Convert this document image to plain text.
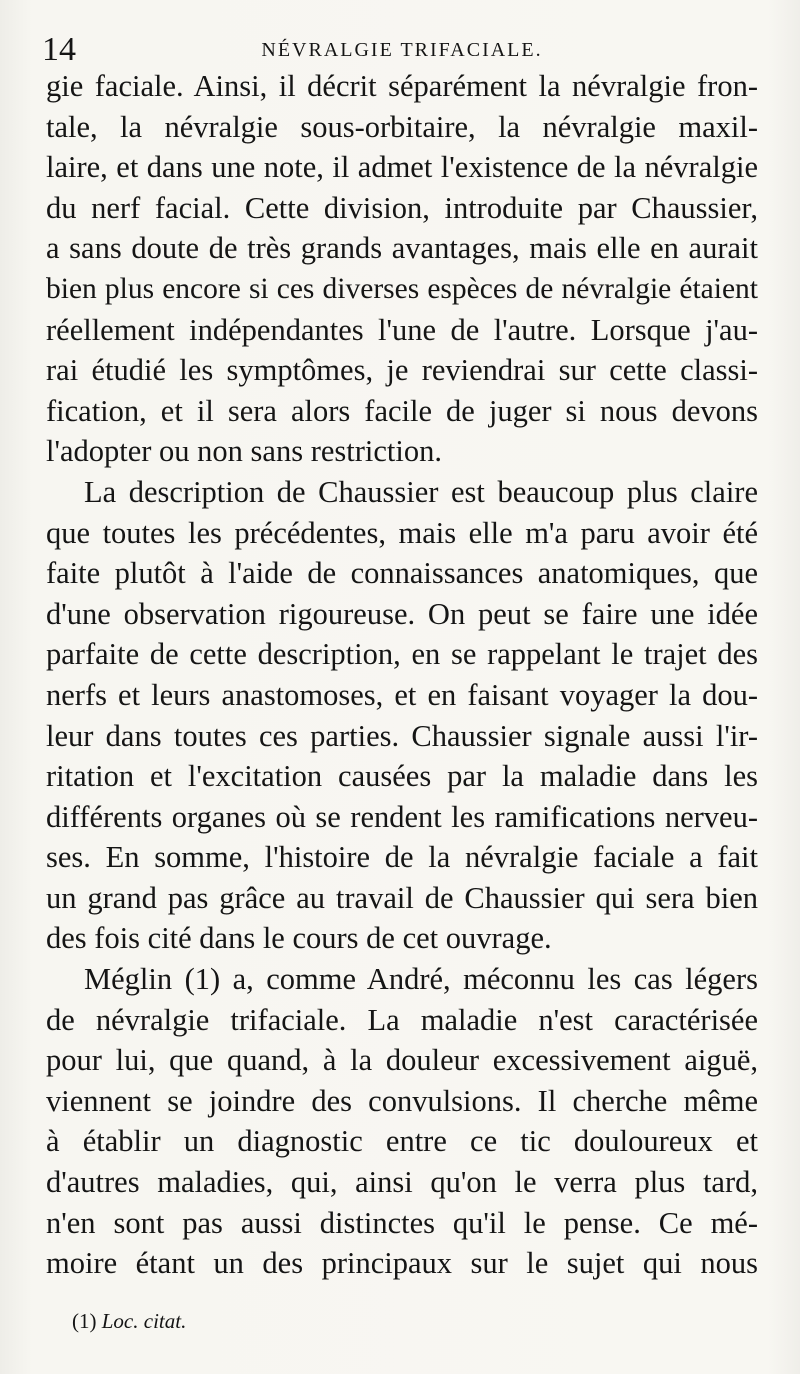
14	NÉVRALGIE TRIFACIALE.
gie faciale. Ainsi, il décrit séparément la névralgie fron-
tale, la névralgie sous-orbitaire, la névralgie maxil-
laire, et dans une note, il admet l'existence de la névralgie
du nerf facial. Cette division, introduite par Chaussier,
a sans doute de très grands avantages, mais elle en aurait
bien plus encore si ces diverses espèces de névralgie étaient
réellement indépendantes l'une de l'autre. Lorsque j'au-
rai étudié les symptômes, je reviendrai sur cette classi-
fication, et il sera alors facile de juger si nous devons
l'adopter ou non sans restriction.
La description de Chaussier est beaucoup plus claire
que toutes les précédentes, mais elle m'a paru avoir été
faite plutôt à l'aide de connaissances anatomiques, que
d'une observation rigoureuse. On peut se faire une idée
parfaite de cette description, en se rappelant le trajet des
nerfs et leurs anastomoses, et en faisant voyager la dou-
leur dans toutes ces parties. Chaussier signale aussi l'ir-
ritation et l'excitation causées par la maladie dans les
différents organes où se rendent les ramifications nerveu-
ses. En somme, l'histoire de la névralgie faciale a fait
un grand pas grâce au travail de Chaussier qui sera bien
des fois cité dans le cours de cet ouvrage.
Méglin (1) a, comme André, méconnu les cas légers
de névralgie trifaciale. La maladie n'est caractérisée
pour lui, que quand, à la douleur excessivement aiguë,
viennent se joindre des convulsions. Il cherche même
à établir un diagnostic entre ce tic douloureux et
d'autres maladies, qui, ainsi qu'on le verra plus tard,
n'en sont pas aussi distinctes qu'il le pense. Ce mé-
moire étant un des principaux sur le sujet qui nous
(1) Loc. citat.
